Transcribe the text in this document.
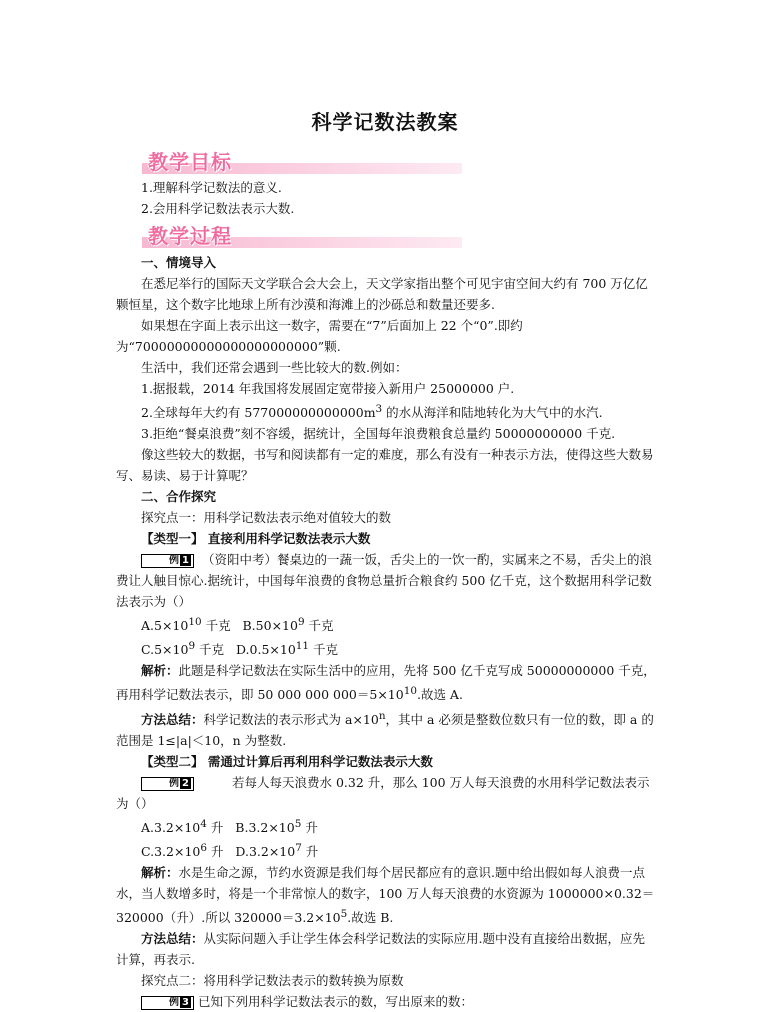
科学记数法教案
教学目标

1.理解科学记数法的意义.

2.会用科学记数法表示大数.

教学过程

一、情境导入

在悉尼举行的国际天文学联合会大会上，天文学家指出整个可见宇宙空间大约有 700 万亿亿颗恒星，这个数字比地球上所有沙漠和海滩上的沙砾总和数量还要多.

如果想在字面上表示出这一数字，需要在“7”后面加上 22 个“0”.即约为“70000000000000000000000”颗.

生活中，我们还常会遇到一些比较大的数.例如：

1.据报载，2014 年我国将发展固定宽带接入新用户 25000000 户.

2.全球每年大约有 $577000000000000m^3$ 的水从海洋和陆地转化为大气中的水汽.

3.拒绝“餐桌浪费”刻不容缓，据统计，全国每年浪费粮食总量约 50000000000 千克.

像这些较大的数据，书写和阅读都有一定的难度，那么有没有一种表示方法，使得这些大数易写、易读、易于计算呢？

二、合作探究

探究点一：用科学记数法表示绝对值较大的数

【类型一】 直接利用科学记数法表示大数

例 1 （资阳中考）餐桌边的一蔬一饭，舌尖上的一饮一酌，实属来之不易，舌尖上的浪费让人触目惊心.据统计，中国每年浪费的食物总量折合粮食约 500 亿千克，这个数据用科学记数法表示为（）

$A.5\times 10^{10}$ 千克 $B.50\times 10^9$ 千克

$C.5\times 10^9$ 千克 $D.0.5\times 10^{11}$ 千克

解析：此题是科学记数法在实际生活中的应用，先将 500 亿千克写成 50000000000 千克，再用科学记数法表示，即 50 000 000 $000=5\times 10^{10}$.故选 A.

方法总结：科学记数法的表示形式为 $a\times 10^n$，其中 a 必须是整数位数只有一位的数，即 a 的范围是 1≤|a|＜10，n 为整数.

【类型二】 需通过计算后再利用科学记数法表示大数

例 2	若每人每天浪费水 0.32 升，那么 100 万人每天浪费的水用科学记数法表示为（）

$A.3.2\times 10^4$ 升 $B.3.2\times 10^5$ 升

$C.3.2\times 10^6$ 升 $D.3.2\times 10^7$ 升

解析：水是生命之源，节约水资源是我们每个居民都应有的意识.题中给出假如每人浪费一点水，当人数增多时，将是一个非常惊人的数字，100 万人每天浪费的水资源为 1000000×0.32＝320000（升）.所以 $320000=3.2\times 10^5$.故选 B.

方法总结：从实际问题入手让学生体会科学记数法的实际应用.题中没有直接给出数据，应先计算，再表示.

探究点二：将用科学记数法表示的数转换为原数

例 3 已知下列用科学记数法表示的数，写出原来的数：
